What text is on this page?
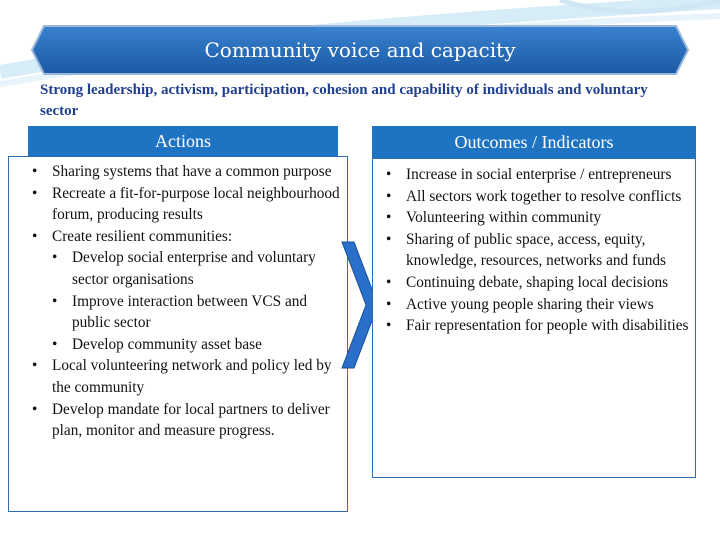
Community voice and capacity
Strong leadership, activism, participation, cohesion and capability of individuals and voluntary sector
Actions
• Sharing systems that have a common purpose
• Recreate a fit-for-purpose local neighbourhood forum, producing results
• Create resilient communities:
• Develop social enterprise and voluntary sector organisations
• Improve interaction between VCS and public sector
• Develop community asset base
• Local volunteering network and policy led by the community
• Develop mandate for local partners to deliver plan, monitor and measure progress.
Outcomes / Indicators
• Increase in social enterprise / entrepreneurs
• All sectors work together to resolve conflicts
• Volunteering within community
• Sharing of public space, access, equity, knowledge, resources, networks and funds
• Continuing debate, shaping local decisions
• Active young people sharing their views
• Fair representation for people with disabilities
